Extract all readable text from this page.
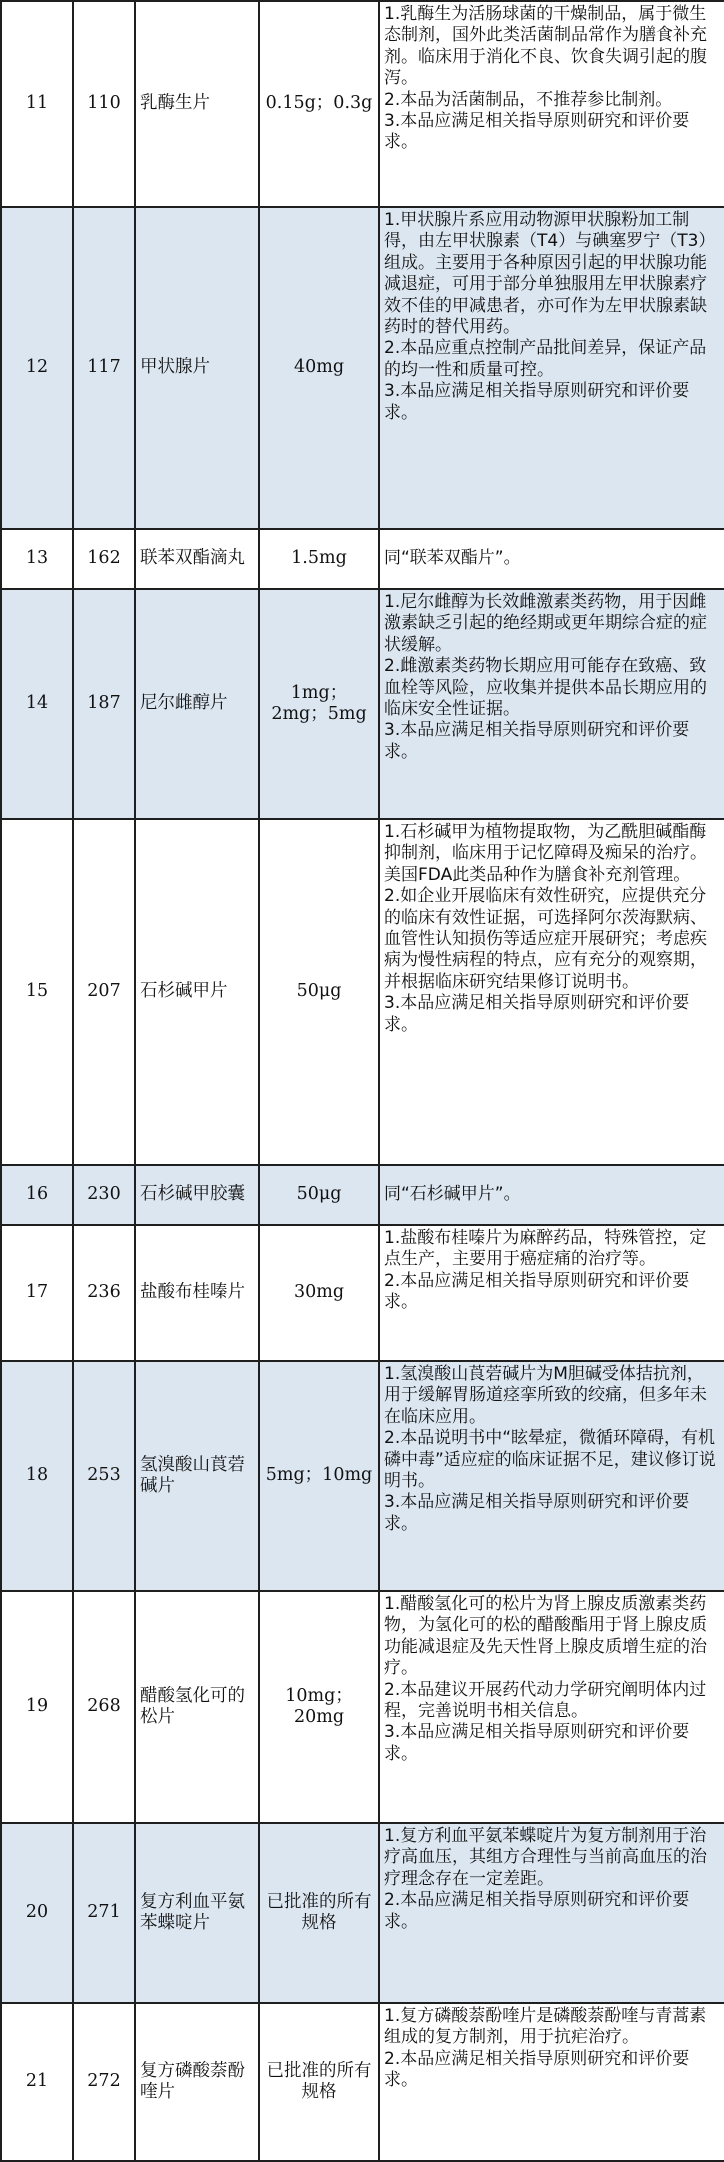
11	110	乳酶生片	0.15g；0.3g	1.乳酶生为活肠球菌的干燥制品，属于微生态制剂，国外此类活菌制品常作为膳食补充剂。临床用于消化不良、饮食失调引起的腹泻。
2.本品为活菌制品，不推荐参比制剂。
3.本品应满足相关指导原则研究和评价要求。

12	117	甲状腺片	40mg	1.甲状腺片系应用动物源甲状腺粉加工制得，由左甲状腺素（T4）与碘塞罗宁（T3）组成。主要用于各种原因引起的甲状腺功能减退症，可用于部分单独服用左甲状腺素疗效不佳的甲减患者，亦可作为左甲状腺素缺药时的替代用药。
2.本品应重点控制产品批间差异，保证产品的均一性和质量可控。
3.本品应满足相关指导原则研究和评价要求。

13	162	联苯双酯滴丸	1.5mg	同“联苯双酯片”。

14	187	尼尔雌醇片	1mg；2mg；5mg	1.尼尔雌醇为长效雌激素类药物，用于因雌激素缺乏引起的绝经期或更年期综合症的症状缓解。
2.雌激素类药物长期应用可能存在致癌、致血栓等风险，应收集并提供本品长期应用的临床安全性证据。
3.本品应满足相关指导原则研究和评价要求。

15	207	石杉碱甲片	50μg	1.石杉碱甲为植物提取物，为乙酰胆碱酯酶抑制剂，临床用于记忆障碍及痴呆的治疗。美国FDA此类品种作为膳食补充剂管理。
2.如企业开展临床有效性研究，应提供充分的临床有效性证据，可选择阿尔茨海默病、血管性认知损伤等适应症开展研究；考虑疾病为慢性病程的特点，应有充分的观察期，并根据临床研究结果修订说明书。
3.本品应满足相关指导原则研究和评价要求。

16	230	石杉碱甲胶囊	50μg	同“石杉碱甲片”。

17	236	盐酸布桂嗪片	30mg	1.盐酸布桂嗪片为麻醉药品，特殊管控，定点生产，主要用于癌症痛的治疗等。
2.本品应满足相关指导原则研究和评价要求。

18	253	氢溴酸山莨菪碱片	5mg；10mg	1.氢溴酸山莨菪碱片为M胆碱受体拮抗剂，用于缓解胃肠道痉挛所致的绞痛，但多年未在临床应用。
2.本品说明书中“眩晕症，微循环障碍，有机磷中毒”适应症的临床证据不足，建议修订说明书。
3.本品应满足相关指导原则研究和评价要求。

19	268	醋酸氢化可的松片	10mg；20mg	1.醋酸氢化可的松片为肾上腺皮质激素类药物，为氢化可的松的醋酸酯用于肾上腺皮质功能减退症及先天性肾上腺皮质增生症的治疗。
2.本品建议开展药代动力学研究阐明体内过程，完善说明书相关信息。
3.本品应满足相关指导原则研究和评价要求。

20	271	复方利血平氨苯蝶啶片	已批准的所有规格	1.复方利血平氨苯蝶啶片为复方制剂用于治疗高血压，其组方合理性与当前高血压的治疗理念存在一定差距。
2.本品应满足相关指导原则研究和评价要求。

21	272	复方磷酸萘酚喹片	已批准的所有规格	1.复方磷酸萘酚喹片是磷酸萘酚喹与青蒿素组成的复方制剂，用于抗疟治疗。
2.本品应满足相关指导原则研究和评价要求。
